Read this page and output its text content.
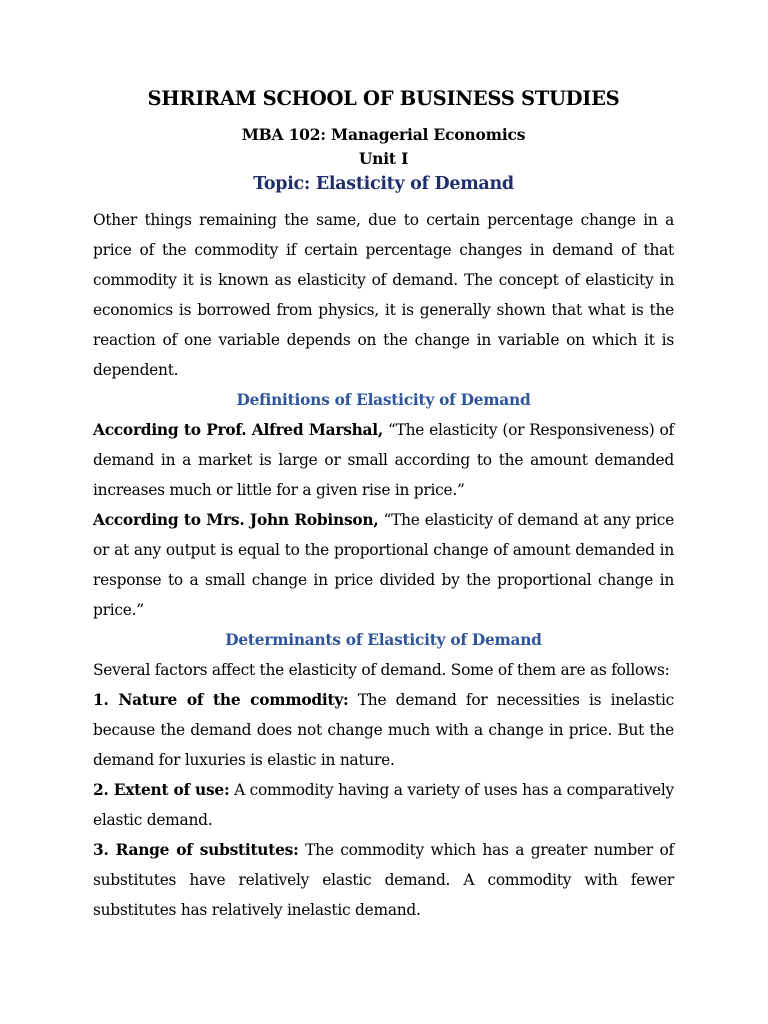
SHRIRAM SCHOOL OF BUSINESS STUDIES

MBA 102: Managerial Economics

Unit I

Topic: Elasticity of Demand

Other things remaining the same, due to certain percentage change in a price of the commodity if certain percentage changes in demand of that commodity it is known as elasticity of demand. The concept of elasticity in economics is borrowed from physics, it is generally shown that what is the reaction of one variable depends on the change in variable on which it is dependent.

Definitions of Elasticity of Demand

According to Prof. Alfred Marshal, “The elasticity (or Responsiveness) of demand in a market is large or small according to the amount demanded increases much or little for a given rise in price.”

According to Mrs. John Robinson, “The elasticity of demand at any price or at any output is equal to the proportional change of amount demanded in response to a small change in price divided by the proportional change in price.”

Determinants of Elasticity of Demand

Several factors affect the elasticity of demand. Some of them are as follows:

1. Nature of the commodity: The demand for necessities is inelastic because the demand does not change much with a change in price. But the demand for luxuries is elastic in nature.

2. Extent of use: A commodity having a variety of uses has a comparatively elastic demand.

3. Range of substitutes: The commodity which has a greater number of substitutes have relatively elastic demand. A commodity with fewer substitutes has relatively inelastic demand.
